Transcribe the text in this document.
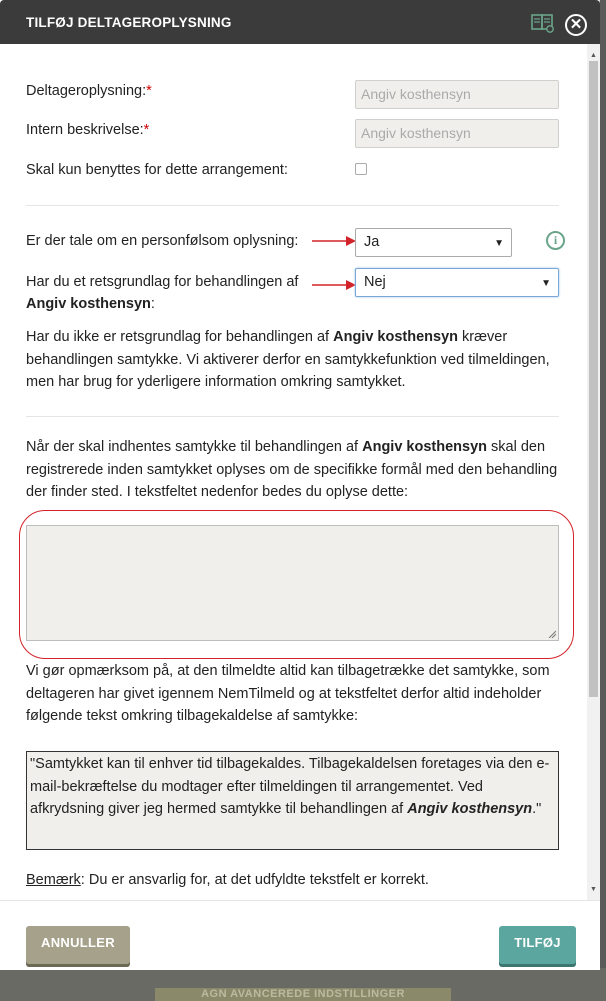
AGN AVANCEREDE INDSTILLINGER
TILFØJ DELTAGEROPLYSNING	✕
▲
▼
Deltageroplysning:*	Angiv kosthensyn
Intern beskrivelse:*	Angiv kosthensyn
Skal kun benyttes for dette arrangement:
Er der tale om en personfølsom oplysning:	Ja	▼	i
Har du et retsgrundlag for behandlingen af
Angiv kosthensyn:
Nej	▼
Har du ikke er retsgrundlag for behandlingen af Angiv kosthensyn kræver behandlingen samtykke. Vi aktiverer derfor en samtykkefunktion ved tilmeldingen, men har brug for yderligere information omkring samtykket.
Når der skal indhentes samtykke til behandlingen af Angiv kosthensyn skal den registrerede inden samtykket oplyses om de specifikke formål med den behandling der finder sted. I tekstfeltet nedenfor bedes du oplyse dette:
Vi gør opmærksom på, at den tilmeldte altid kan tilbagetrække det samtykke, som deltageren har givet igennem NemTilmeld og at tekstfeltet derfor altid indeholder følgende tekst omkring tilbagekaldelse af samtykke:
"Samtykket kan til enhver tid tilbagekaldes. Tilbagekaldelsen foretages via den e-mail-bekræftelse du modtager efter tilmeldingen til arrangementet. Ved afkrydsning giver jeg hermed samtykke til behandlingen af Angiv kosthensyn."
Bemærk: Du er ansvarlig for, at det udfyldte tekstfelt er korrekt.
ANNULLER	TILFØJ
